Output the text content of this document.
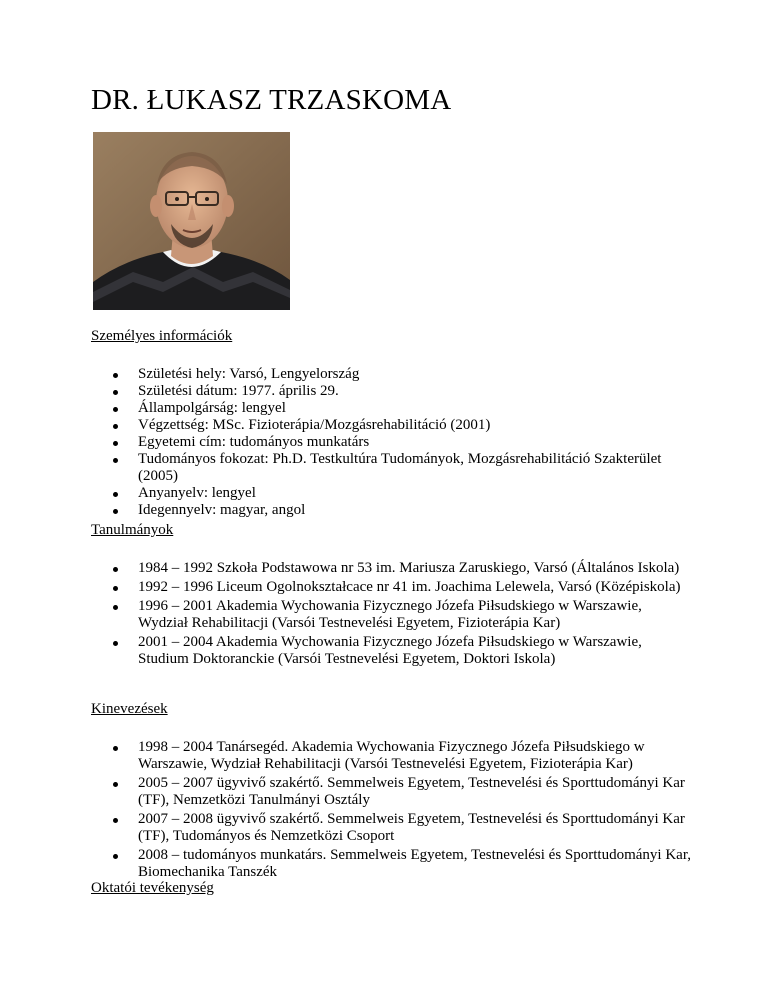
DR. ŁUKASZ TRZASKOMA
Személyes információk
Születési hely: Varsó, Lengyelország
Születési dátum: 1977. április 29.
Állampolgárság: lengyel
Végzettség: MSc. Fizioterápia/Mozgásrehabilitáció (2001)
Egyetemi cím: tudományos munkatárs
Tudományos fokozat: Ph.D. Testkultúra Tudományok, Mozgásrehabilitáció Szakterület (2005)
Anyanyelv: lengyel
Idegennyelv: magyar, angol
Tanulmányok
1984 – 1992 Szkoła Podstawowa nr 53 im. Mariusza Zaruskiego, Varsó (Általános Iskola)
1992 – 1996 Liceum Ogolnokształcace nr 41 im. Joachima Lelewela, Varsó (Középiskola)
1996 – 2001 Akademia Wychowania Fizycznego Józefa Piłsudskiego w Warszawie, Wydział Rehabilitacji (Varsói Testnevelési Egyetem, Fizioterápia Kar)
2001 – 2004 Akademia Wychowania Fizycznego Józefa Piłsudskiego w Warszawie, Studium Doktoranckie (Varsói Testnevelési Egyetem, Doktori Iskola)
Kinevezések
1998 – 2004 Tanársegéd. Akademia Wychowania Fizycznego Józefa Piłsudskiego w Warszawie, Wydział Rehabilitacji (Varsói Testnevelési Egyetem, Fizioterápia Kar)
2005 – 2007 ügyvivő szakértő. Semmelweis Egyetem, Testnevelési és Sporttudományi Kar (TF), Nemzetközi Tanulmányi Osztály
2007 – 2008 ügyvivő szakértő. Semmelweis Egyetem, Testnevelési és Sporttudományi Kar (TF), Tudományos és Nemzetközi Csoport
2008 – tudományos munkatárs. Semmelweis Egyetem, Testnevelési és Sporttudományi Kar, Biomechanika Tanszék
Oktatói tevékenység
